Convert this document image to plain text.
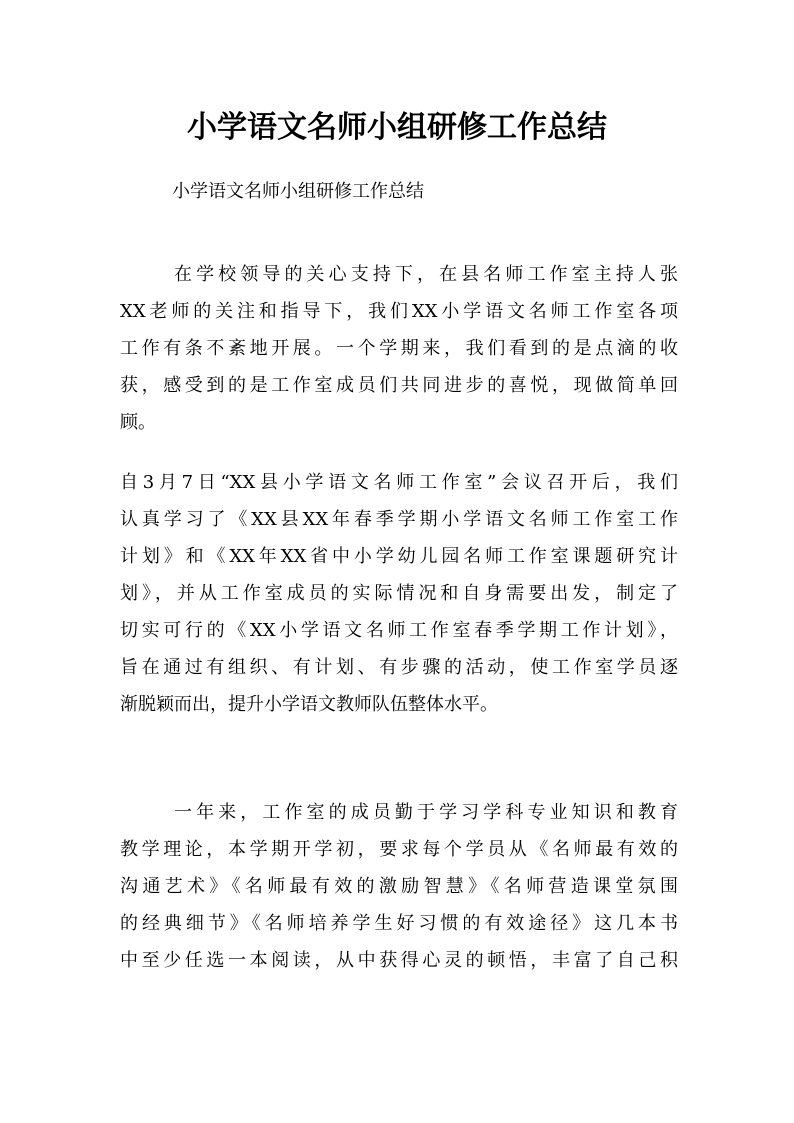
小学语文名师小组研修工作总结

小学语文名师小组研修工作总结

在学校领导的关心支持下，在县名师工作室主持人张
XX老师的关注和指导下，我们XX小学语文名师工作室各项
工作有条不紊地开展。一个学期来，我们看到的是点滴的收
获，感受到的是工作室成员们共同进步的喜悦，现做简单回
顾。
自3月7日“XX县小学语文名师工作室”会议召开后，我们
认真学习了《XX县XX年春季学期小学语文名师工作室工作
计划》和《XX年XX省中小学幼儿园名师工作室课题研究计
划》，并从工作室成员的实际情况和自身需要出发，制定了
切实可行的《XX小学语文名师工作室春季学期工作计划》，
旨在通过有组织、有计划、有步骤的活动，使工作室学员逐
渐脱颖而出，提升小学语文教师队伍整体水平。
一年来，工作室的成员勤于学习学科专业知识和教育
教学理论，本学期开学初，要求每个学员从《名师最有效的
沟通艺术》《名师最有效的激励智慧》《名师营造课堂氛围
的经典细节》《名师培养学生好习惯的有效途径》这几本书
中至少任选一本阅读，从中获得心灵的顿悟，丰富了自己积
